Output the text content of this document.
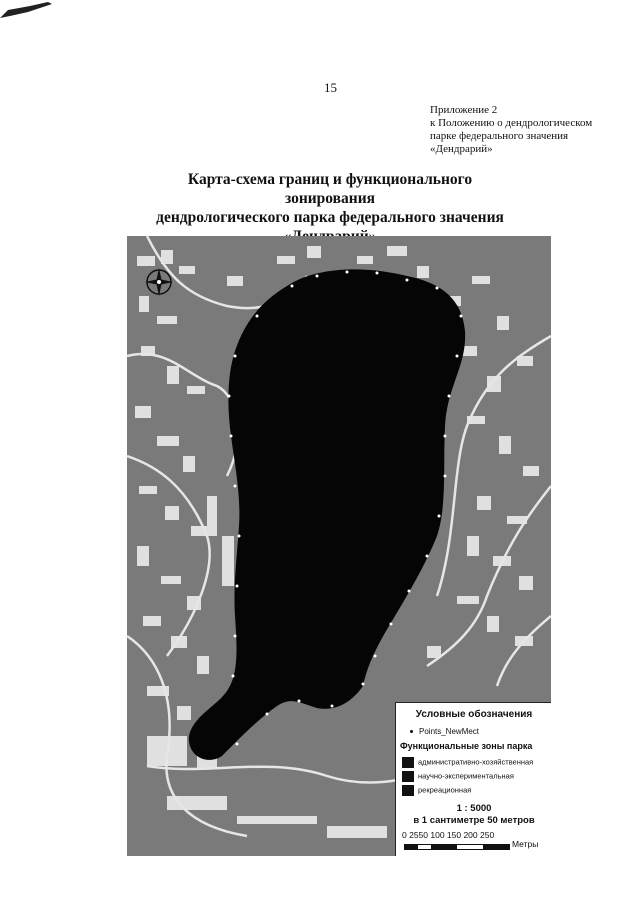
15
Приложение 2
к Положению о дендрологическом
парке федерального значения
«Дендрарий»
Карта-схема границ и функционального зонирования
дендрологического парка федерального значения
Условные обозначения
Points_NewMect
Функциональные зоны парка
административно-хозяйственная
научно-экспериментальная
рекреационная
1 : 5000
в 1 сантиметре 50 метров
0 2550 100 150 200 250
Метры
